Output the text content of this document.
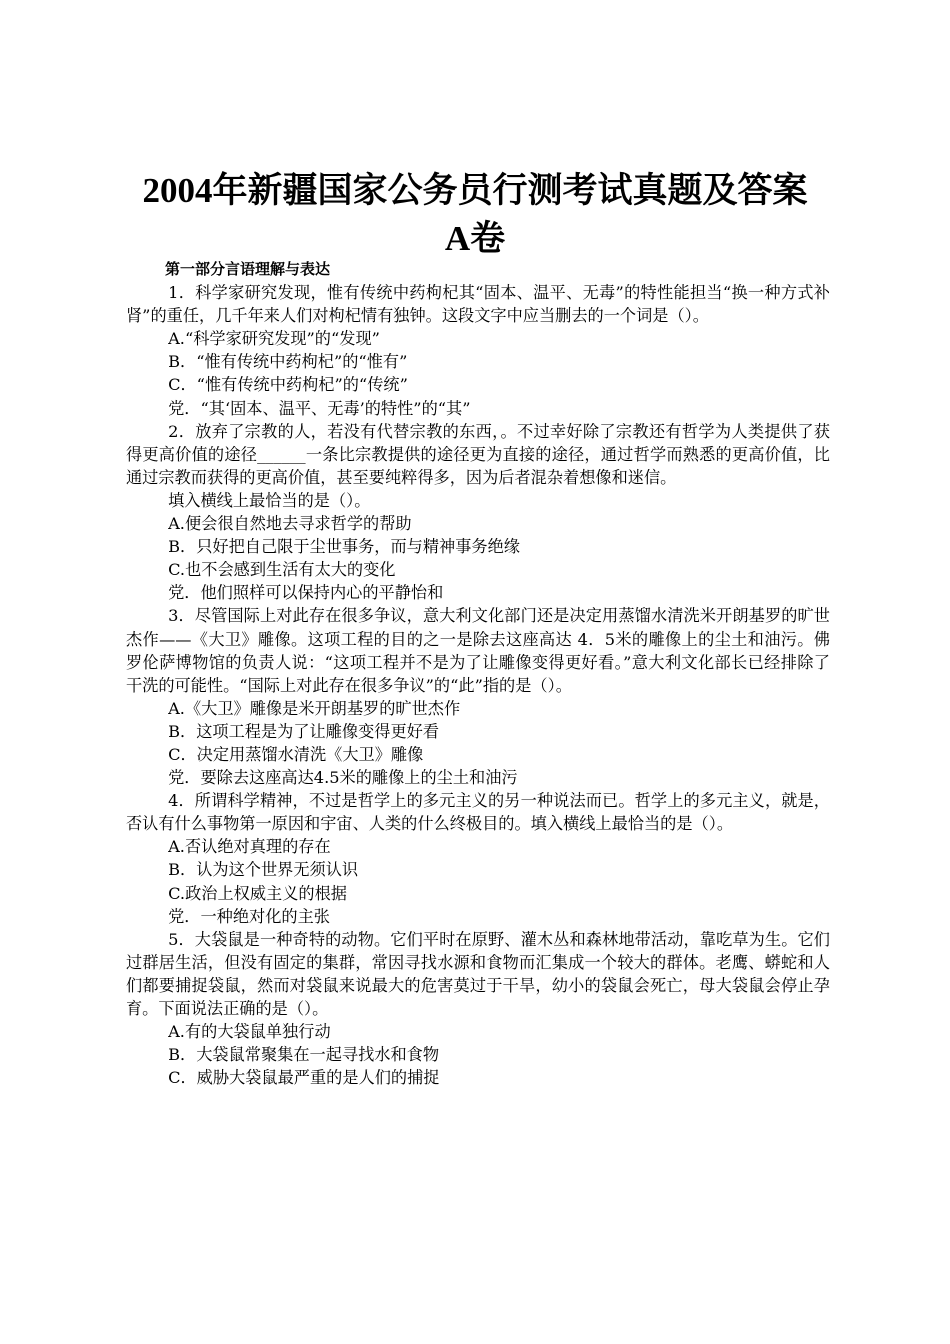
2004年新疆国家公务员行测考试真题及答案
A卷

第一部分言语理解与表达

1．科学家研究发现，惟有传统中药枸杞其“固本、温平、无毒”的特性能担当“换一种方式补肾”的重任，几千年来人们对枸杞情有独钟。这段文字中应当删去的一个词是（）。

A.“科学家研究发现”的“发现”

B．“惟有传统中药枸杞”的“惟有”

C．“惟有传统中药枸杞”的“传统”

党．“其‘固本、温平、无毒’的特性”的“其”

2．放弃了宗教的人，若没有代替宗教的东西，。不过幸好除了宗教还有哲学为人类提供了获得更高价值的途径______一条比宗教提供的途径更为直接的途径，通过哲学而熟悉的更高价值，比通过宗教而获得的更高价值，甚至要纯粹得多，因为后者混杂着想像和迷信。

填入横线上最恰当的是（）。

A.便会很自然地去寻求哲学的帮助

B．只好把自己限于尘世事务，而与精神事务绝缘

C.也不会感到生活有太大的变化

党．他们照样可以保持内心的平静怡和

3．尽管国际上对此存在很多争议，意大利文化部门还是决定用蒸馏水清洗米开朗基罗的旷世杰作——《大卫》雕像。这项工程的目的之一是除去这座高达 4．5米的雕像上的尘土和油污。佛罗伦萨博物馆的负责人说：“这项工程并不是为了让雕像变得更好看。”意大利文化部长已经排除了干洗的可能性。“国际上对此存在很多争议”的“此”指的是（）。

A.《大卫》雕像是米开朗基罗的旷世杰作

B．这项工程是为了让雕像变得更好看

C．决定用蒸馏水清洗《大卫》雕像

党．要除去这座高达4.5米的雕像上的尘土和油污

4．所谓科学精神，不过是哲学上的多元主义的另一种说法而已。哲学上的多元主义，就是，否认有什么事物第一原因和宇宙、人类的什么终极目的。填入横线上最恰当的是（）。

A.否认绝对真理的存在

B．认为这个世界无须认识

C.政治上权威主义的根据

党．一种绝对化的主张

5．大袋鼠是一种奇特的动物。它们平时在原野、灌木丛和森林地带活动，靠吃草为生。它们过群居生活，但没有固定的集群，常因寻找水源和食物而汇集成一个较大的群体。老鹰、蟒蛇和人们都要捕捉袋鼠，然而对袋鼠来说最大的危害莫过于干旱，幼小的袋鼠会死亡，母大袋鼠会停止孕育。下面说法正确的是（）。

A.有的大袋鼠单独行动

B．大袋鼠常聚集在一起寻找水和食物

C．威胁大袋鼠最严重的是人们的捕捉
